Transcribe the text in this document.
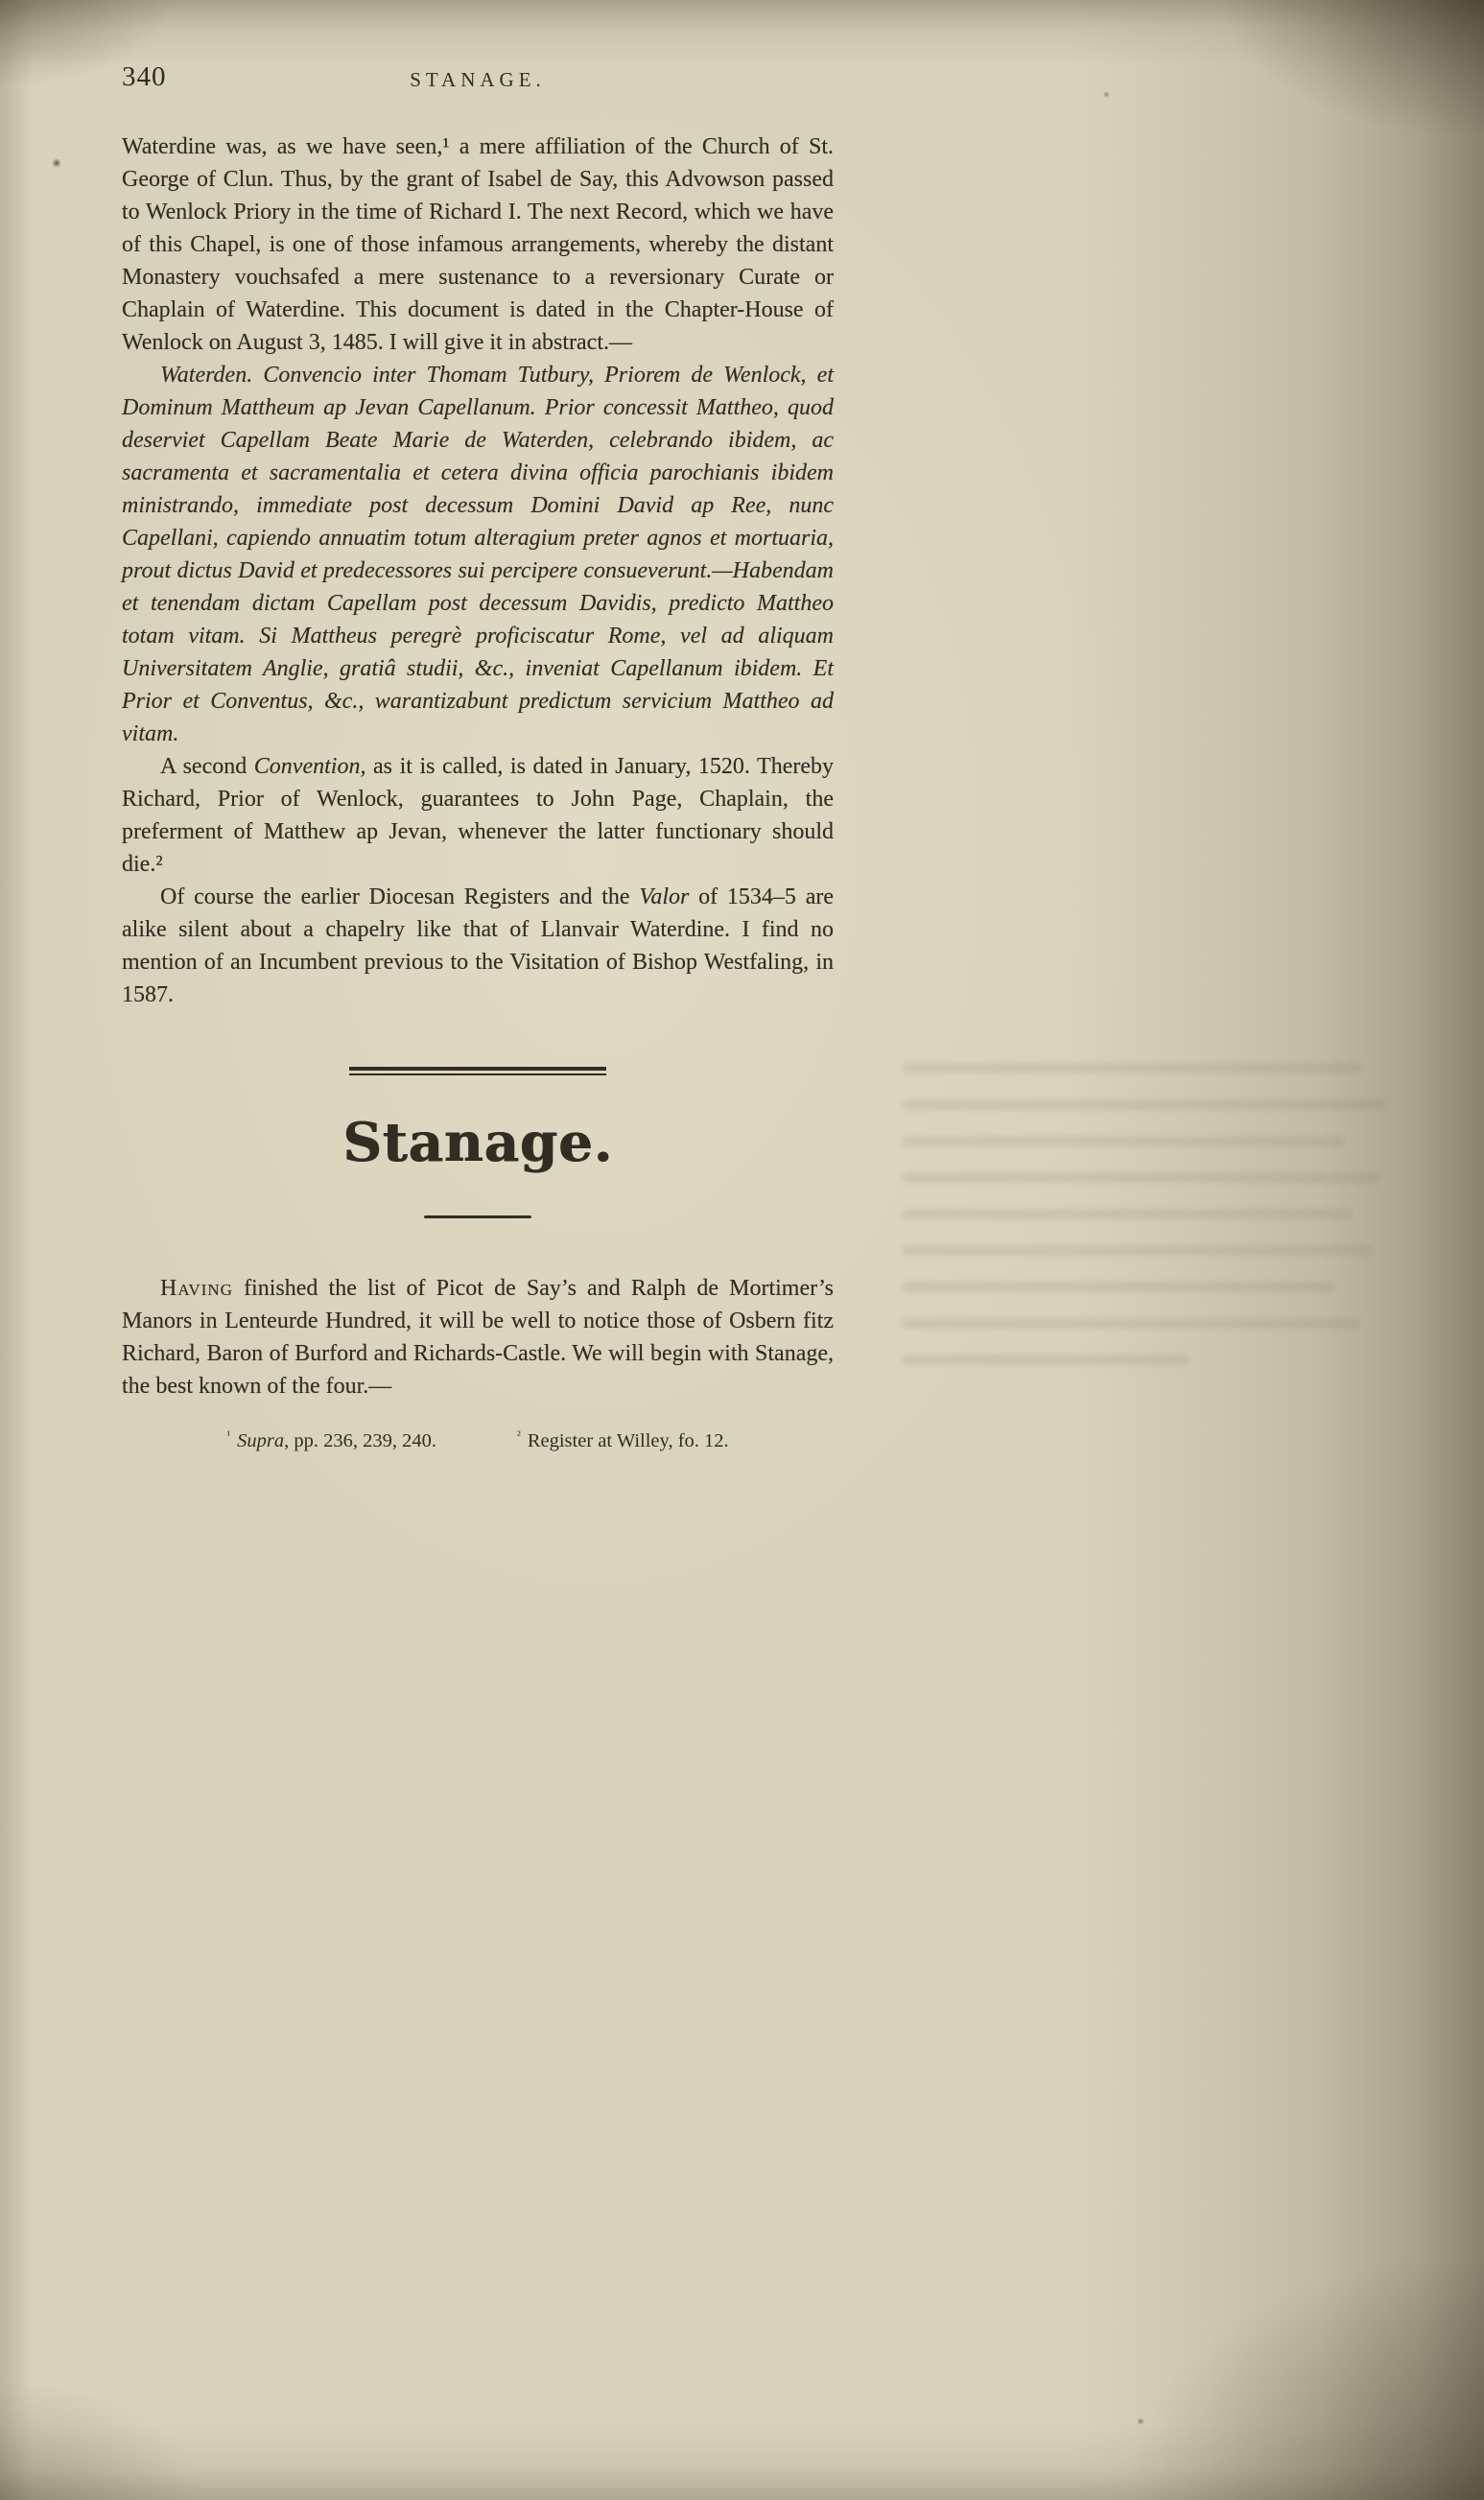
340	STANAGE.

Waterdine was, as we have seen,¹ a mere affiliation of the Church of St. George of Clun. Thus, by the grant of Isabel de Say, this Advowson passed to Wenlock Priory in the time of Richard I. The next Record, which we have of this Chapel, is one of those infamous arrangements, whereby the distant Monastery vouchsafed a mere sustenance to a reversionary Curate or Chaplain of Waterdine. This document is dated in the Chapter-House of Wenlock on August 3, 1485. I will give it in abstract.—

Waterden. Convencio inter Thomam Tutbury, Priorem de Wenlock, et Dominum Mattheum ap Jevan Capellanum. Prior concessit Mattheo, quod deserviet Capellam Beate Marie de Waterden, celebrando ibidem, ac sacramenta et sacramentalia et cetera divina officia parochianis ibidem ministrando, immediate post decessum Domini David ap Ree, nunc Capellani, capiendo annuatim totum alteragium preter agnos et mortuaria, prout dictus David et predecessores sui percipere consueverunt.—Habendam et tenendam dictam Capellam post decessum Davidis, predicto Mattheo totam vitam. Si Mattheus peregrè proficiscatur Rome, vel ad aliquam Universitatem Anglie, gratiâ studii, &c., inveniat Capellanum ibidem. Et Prior et Conventus, &c., warantizabunt predictum servicium Mattheo ad vitam.

A second Convention, as it is called, is dated in January, 1520. Thereby Richard, Prior of Wenlock, guarantees to John Page, Chaplain, the preferment of Matthew ap Jevan, whenever the latter functionary should die.²

Of course the earlier Diocesan Registers and the Valor of 1534–5 are alike silent about a chapelry like that of Llanvair Waterdine. I find no mention of an Incumbent previous to the Visitation of Bishop Westfaling, in 1587.

Stanage.

Having finished the list of Picot de Say’s and Ralph de Mortimer’s Manors in Lenteurde Hundred, it will be well to notice those of Osbern fitz Richard, Baron of Burford and Richards-Castle. We will begin with Stanage, the best known of the four.—

$^{^1}$ Supra, pp. 236, 239, 240.	$^{^2}$ Register at Willey, fo. 12.
